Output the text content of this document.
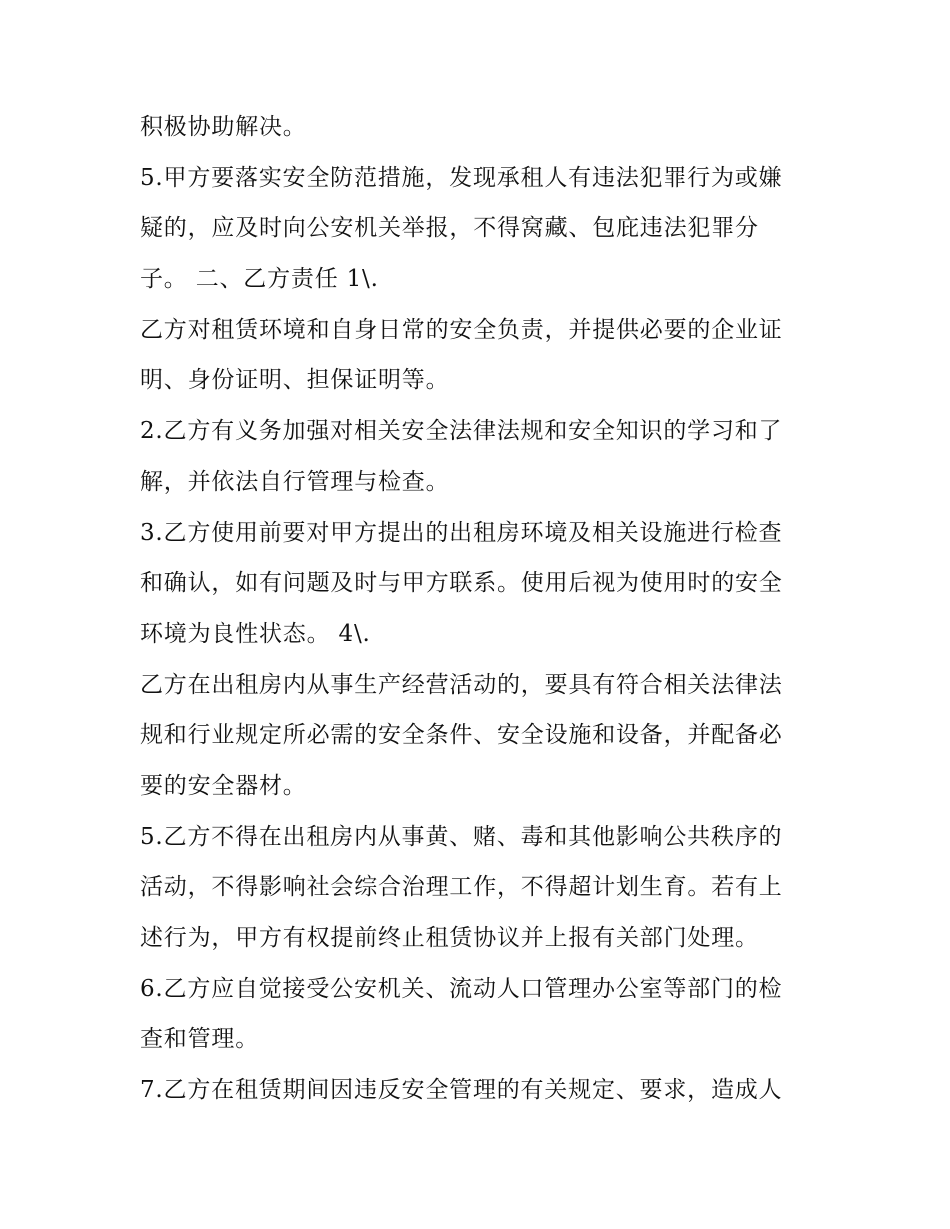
积极协助解决。
5.甲方要落实安全防范措施，发现承租人有违法犯罪行为或嫌
疑的，应及时向公安机关举报，不得窝藏、包庇违法犯罪分
子。 二、乙方责任 1\.
乙方对租赁环境和自身日常的安全负责，并提供必要的企业证
明、身份证明、担保证明等。
2.乙方有义务加强对相关安全法律法规和安全知识的学习和了
解，并依法自行管理与检查。
3.乙方使用前要对甲方提出的出租房环境及相关设施进行检查
和确认，如有问题及时与甲方联系。使用后视为使用时的安全
环境为良性状态。 4\.
乙方在出租房内从事生产经营活动的，要具有符合相关法律法
规和行业规定所必需的安全条件、安全设施和设备，并配备必
要的安全器材。
5.乙方不得在出租房内从事黄、赌、毒和其他影响公共秩序的
活动，不得影响社会综合治理工作，不得超计划生育。若有上
述行为，甲方有权提前终止租赁协议并上报有关部门处理。
6.乙方应自觉接受公安机关、流动人口管理办公室等部门的检
查和管理。
7.乙方在租赁期间因违反安全管理的有关规定、要求，造成人
